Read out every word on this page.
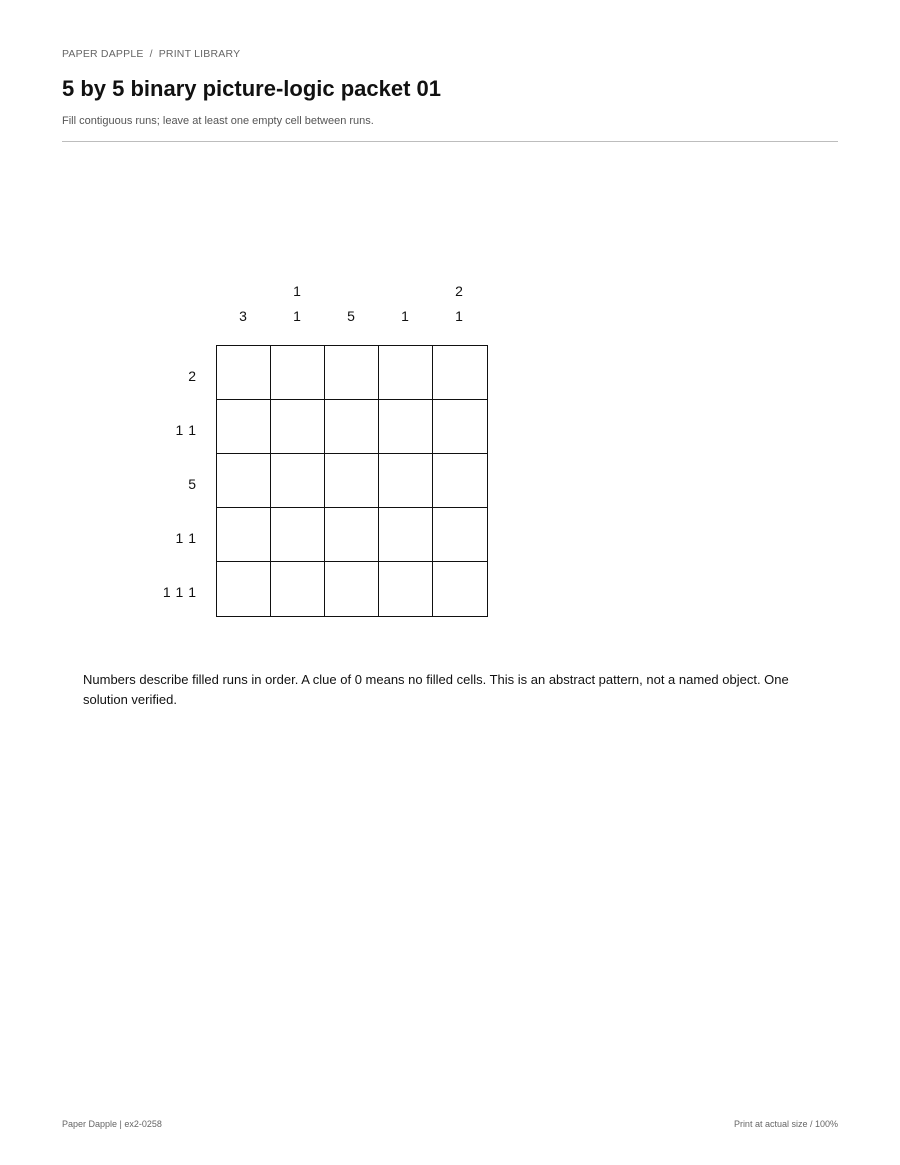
PAPER DAPPLE / PRINT LIBRARY
5 by 5 binary picture-logic packet 01
Fill contiguous runs; leave at least one empty cell between runs.
3
1
1	5	1
2
1
2
1 1
5
1 1
1 1 1

Numbers describe filled runs in order. A clue of 0 means no filled cells. This is an abstract pattern, not a named object. One solution verified.

Paper Dapple | ex2-0258	Print at actual size / 100%
